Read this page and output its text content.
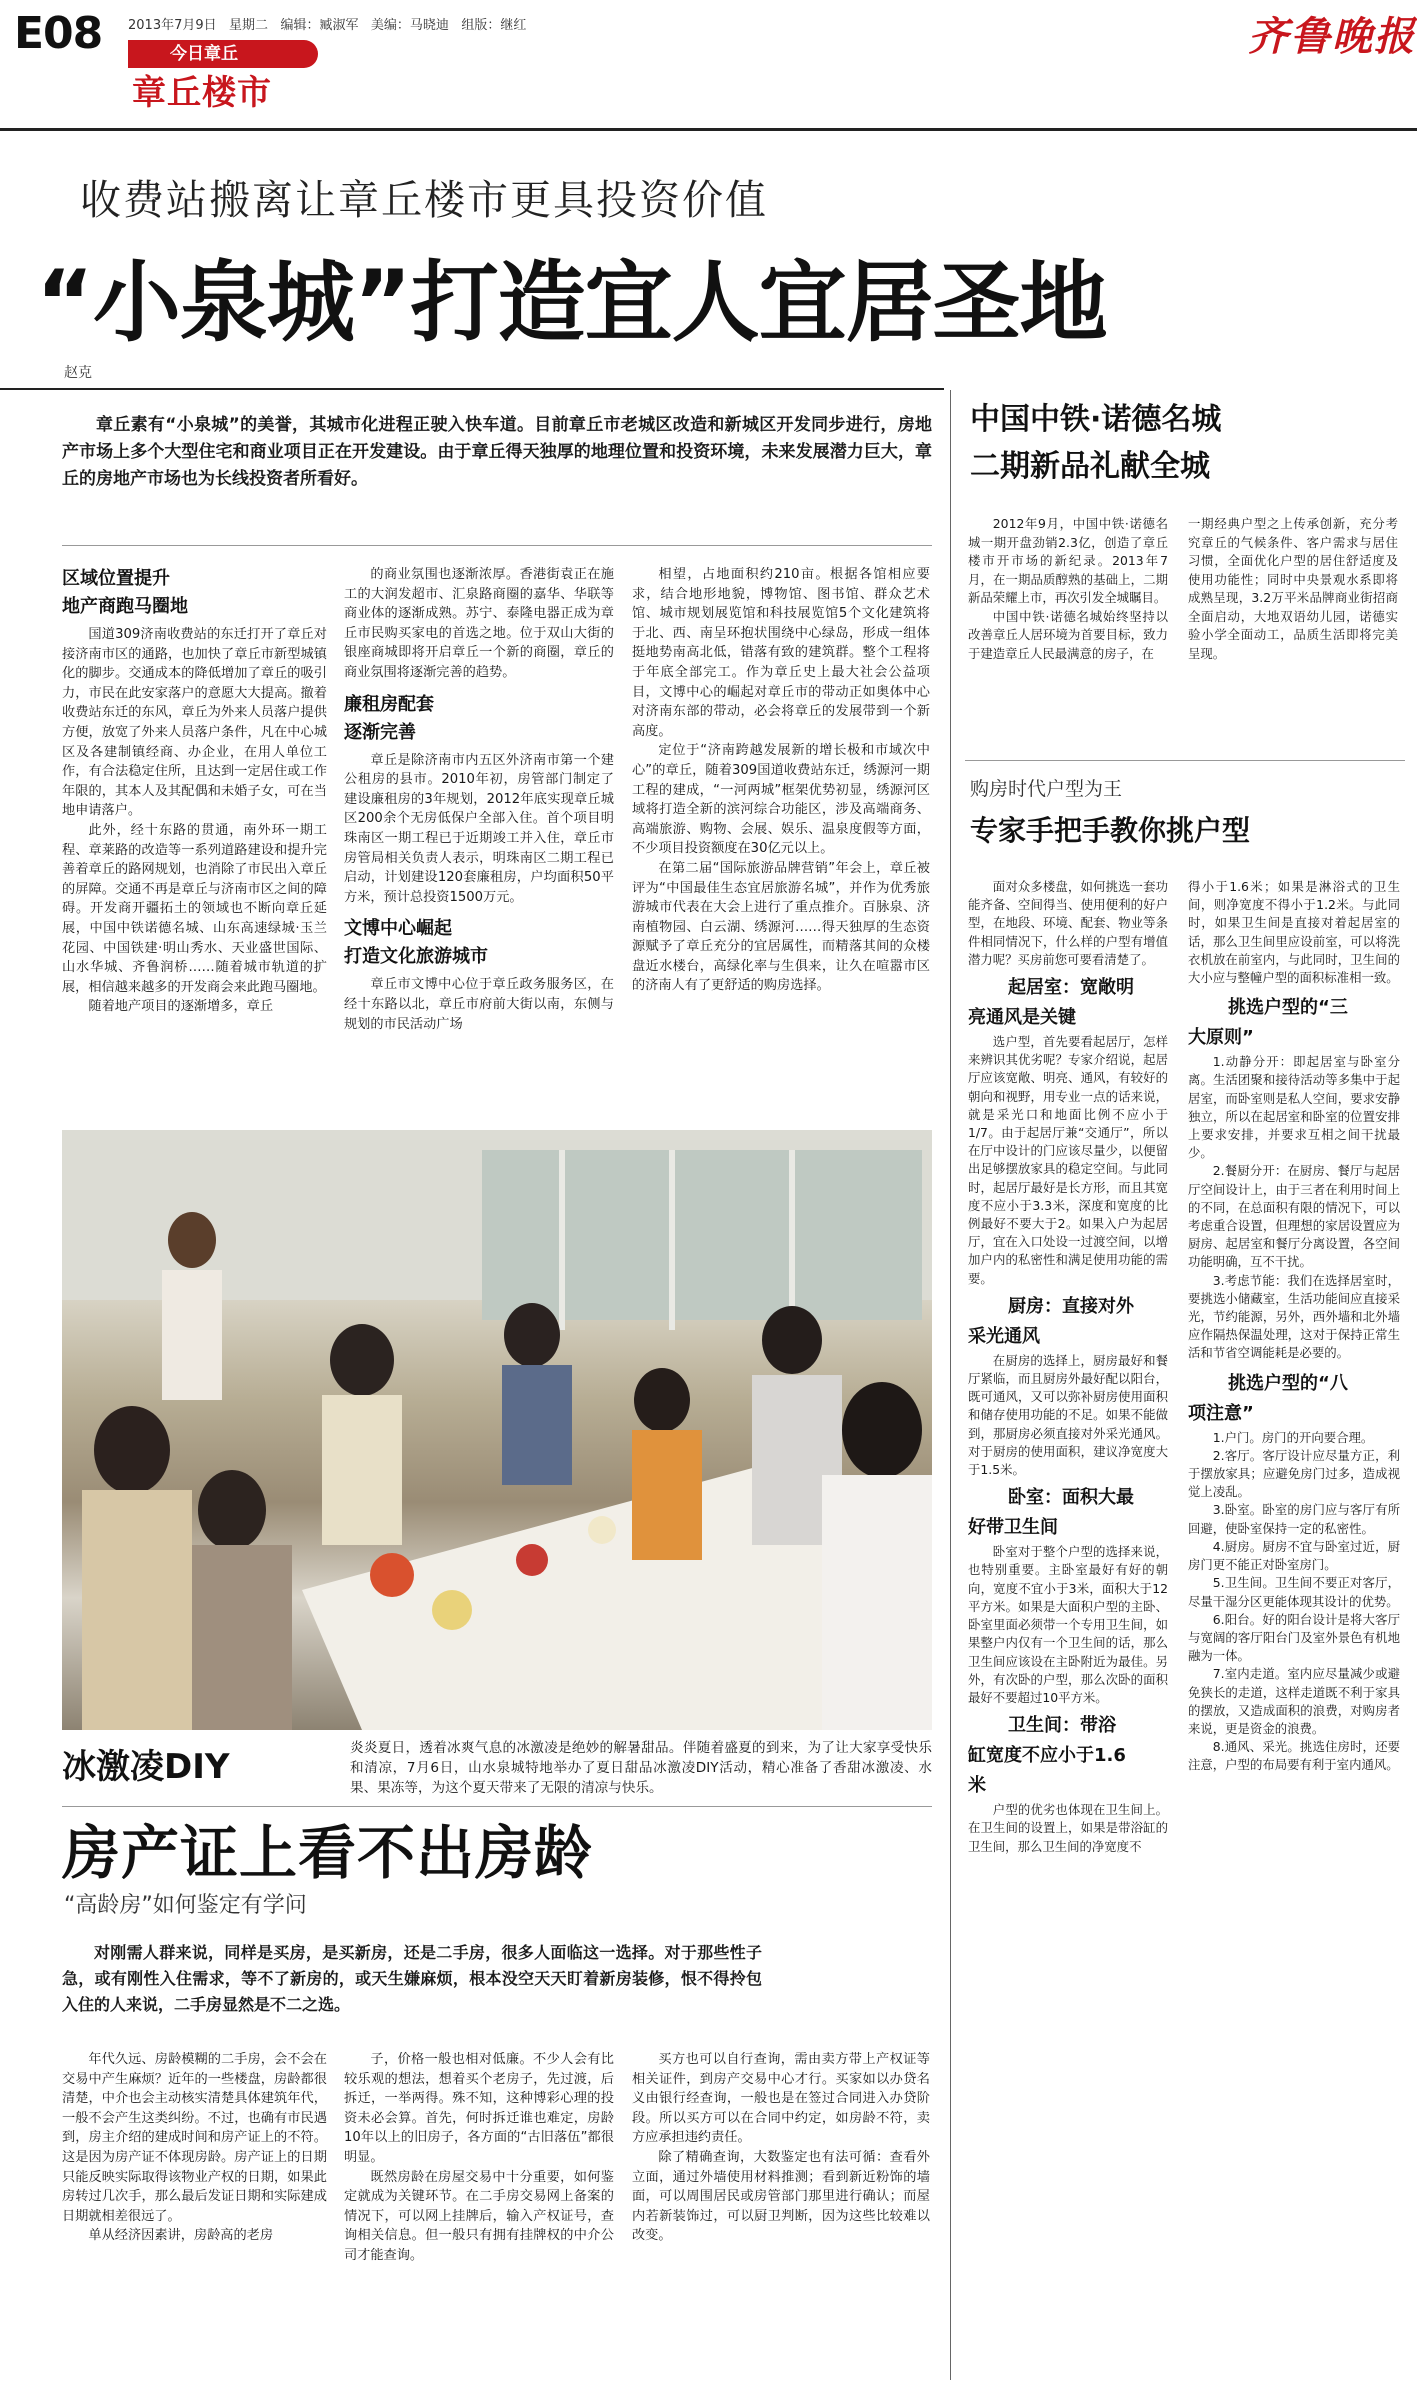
E08 2013年7月9日 星期二 编辑：臧淑军 美编：马晓迪 组版：继红
今日章丘
章丘楼市
齐鲁晚报
收费站搬离让章丘楼市更具投资价值
“小泉城”打造宜人宜居圣地
赵克

章丘素有“小泉城”的美誉，其城市化进程正驶入快车道。目前章丘市老城区改造和新城区开发同步进行，房地产市场上多个大型住宅和商业项目正在开发建设。由于章丘得天独厚的地理位置和投资环境，未来发展潜力巨大，章丘的房地产市场也为长线投资者所看好。

区域位置提升
地产商跑马圈地

国道309济南收费站的东迁打开了章丘对接济南市区的通路，也加快了章丘市新型城镇化的脚步。交通成本的降低增加了章丘的吸引力，市民在此安家落户的意愿大大提高。撤着收费站东迁的东风，章丘为外来人员落户提供方便，放宽了外来人员落户条件，凡在中心城区及各建制镇经商、办企业，在用人单位工作，有合法稳定住所，且达到一定居住或工作年限的，其本人及其配偶和未婚子女，可在当地申请落户。

此外，经十东路的贯通，南外环一期工程、章莱路的改造等一系列道路建设和提升完善着章丘的路网规划，也消除了市民出入章丘的屏障。交通不再是章丘与济南市区之间的障碍。开发商开疆拓土的领域也不断向章丘延展，中国中铁诺德名城、山东高速绿城·玉兰花园、中国铁建·明山秀水、天业盛世国际、山水华城、齐鲁润桥……随着城市轨道的扩展，相信越来越多的开发商会来此跑马圈地。

随着地产项目的逐渐增多，章丘

的商业氛围也逐渐浓厚。香港街袁正在施工的大润发超市、汇泉路商圈的嘉华、华联等商业体的逐渐成熟。苏宁、泰隆电器正成为章丘市民购买家电的首选之地。位于双山大街的银座商城即将开启章丘一个新的商圈，章丘的商业氛围将逐渐完善的趋势。

廉租房配套
逐渐完善

章丘是除济南市内五区外济南市第一个建公租房的县市。2010年初，房管部门制定了建设廉租房的3年规划，2012年底实现章丘城区200余个无房低保户全部入住。首个项目明珠南区一期工程已于近期竣工并入住，章丘市房管局相关负责人表示，明珠南区二期工程已启动，计划建设120套廉租房，户均面积50平方米，预计总投资1500万元。

文博中心崛起
打造文化旅游城市

章丘市文博中心位于章丘政务服务区，在经十东路以北，章丘市府前大街以南，东侧与规划的市民活动广场

相望，占地面积约210亩。根据各馆相应要求，结合地形地貌，博物馆、图书馆、群众艺术馆、城市规划展览馆和科技展览馆5个文化建筑将于北、西、南呈环抱状围绕中心绿岛，形成一组体挺地势南高北低，错落有致的建筑群。整个工程将于年底全部完工。作为章丘史上最大社会公益项目，文博中心的崛起对章丘市的带动正如奥体中心对济南东部的带动，必会将章丘的发展带到一个新高度。

定位于“济南跨越发展新的增长极和市域次中心”的章丘，随着309国道收费站东迁，绣源河一期工程的建成，“一河两城”框架优势初显，绣源河区域将打造全新的滨河综合功能区，涉及高端商务、高端旅游、购物、会展、娱乐、温泉度假等方面，不少项目投资额度在30亿元以上。

在第二届“国际旅游品牌营销”年会上，章丘被评为“中国最佳生态宜居旅游名城”，并作为优秀旅游城市代表在大会上进行了重点推介。百脉泉、济南植物园、白云湖、绣源河……得天独厚的生态资源赋予了章丘充分的宜居属性，而精落其间的众楼盘近水楼台，高绿化率与生俱来，让久在喧嚣市区的济南人有了更舒适的购房选择。

冰激凌DIY	炎炎夏日，透着冰爽气息的冰激凌是绝妙的解暑甜品。伴随着盛夏的到来，为了让大家享受快乐和清凉，7月6日，山水泉城特地举办了夏日甜品冰激凌DIY活动，精心准备了香甜冰激凌、水果、果冻等，为这个夏天带来了无限的清凉与快乐。

房产证上看不出房龄
“高龄房”如何鉴定有学问

对刚需人群来说，同样是买房，是买新房，还是二手房，很多人面临这一选择。对于那些性子急，或有刚性入住需求，等不了新房的，或天生嫌麻烦，根本没空天天盯着新房装修，恨不得拎包入住的人来说，二手房显然是不二之选。

年代久远、房龄模糊的二手房，会不会在交易中产生麻烦？近年的一些楼盘，房龄都很清楚，中介也会主动核实清楚具体建筑年代，一般不会产生这类纠纷。不过，也确有市民遇到，房主介绍的建成时间和房产证上的不符。这是因为房产证不体现房龄。房产证上的日期只能反映实际取得该物业产权的日期，如果此房转过几次手，那么最后发证日期和实际建成日期就相差很远了。

单从经济因素讲，房龄高的老房

子，价格一般也相对低廉。不少人会有比较乐观的想法，想着买个老房子，先过渡，后拆迁，一举两得。殊不知，这种博彩心理的投资未必会算。首先，何时拆迁谁也难定，房龄10年以上的旧房子，各方面的“古旧落伍”都很明显。

既然房龄在房屋交易中十分重要，如何鉴定就成为关键环节。在二手房交易网上备案的情况下，可以网上挂牌后，输入产权证号，查询相关信息。但一般只有拥有挂牌权的中介公司才能查询。

买方也可以自行查询，需由卖方带上产权证等相关证件，到房产交易中心才行。买家如以办贷名义由银行经查询，一般也是在签过合同进入办贷阶段。所以买方可以在合同中约定，如房龄不符，卖方应承担违约责任。

除了精确查询，大数鉴定也有法可循：查看外立面，通过外墙使用材料推测；看到新近粉饰的墙面，可以周围居民或房管部门那里进行确认；而屋内若新装饰过，可以厨卫判断，因为这些比较难以改变。

中国中铁·诺德名城
二期新品礼献全城

2012年9月，中国中铁·诺德名城一期开盘劲销2.3亿，创造了章丘楼市开市场的新纪录。2013年7月，在一期品质醇熟的基础上，二期新品荣耀上市，再次引发全城瞩目。

中国中铁·诺德名城始终坚持以改善章丘人居环境为首要目标，致力于建造章丘人民最满意的房子，在

一期经典户型之上传承创新，充分考究章丘的气候条件、客户需求与居住习惯，全面优化户型的居住舒适度及使用功能性；同时中央景观水系即将成熟呈现，3.2万平米品牌商业街招商全面启动，大地双语幼儿园，诺德实验小学全面动工，品质生活即将完美呈现。

购房时代户型为王
专家手把手教你挑户型

面对众多楼盘，如何挑选一套功能齐备、空间得当、使用便利的好户型，在地段、环境、配套、物业等条件相同情况下，什么样的户型有增值潜力呢？买房前您可要看清楚了。

起居室：宽敞明
亮通风是关键

选户型，首先要看起居厅，怎样来辨识其优劣呢？专家介绍说，起居厅应该宽敞、明亮、通风，有较好的朝向和视野，用专业一点的话来说，就是采光口和地面比例不应小于1/7。由于起居厅兼“交通厅”，所以在厅中设计的门应该尽量少，以便留出足够摆放家具的稳定空间。与此同时，起居厅最好是长方形，而且其宽度不应小于3.3米，深度和宽度的比例最好不要大于2。如果入户为起居厅，宜在入口处设一过渡空间，以增加户内的私密性和满足使用功能的需要。

厨房：直接对外
采光通风

在厨房的选择上，厨房最好和餐厅紧临，而且厨房外最好配以阳台，既可通风，又可以弥补厨房使用面积和储存使用功能的不足。如果不能做到，那厨房必须直接对外采光通风。对于厨房的使用面积，建议净宽度大于1.5米。

卧室：面积大最
好带卫生间

卧室对于整个户型的选择来说，也特别重要。主卧室最好有好的朝向，宽度不宜小于3米，面积大于12平方米。如果是大面积户型的主卧、卧室里面必须带一个专用卫生间，如果整户内仅有一个卫生间的话，那么卫生间应该设在主卧附近为最佳。另外，有次卧的户型，那么次卧的面积最好不要超过10平方米。

卫生间：带浴
缸宽度不应小于1.6
米

户型的优劣也体现在卫生间上。在卫生间的设置上，如果是带浴缸的卫生间，那么卫生间的净宽度不

得小于1.6米；如果是淋浴式的卫生间，则净宽度不得小于1.2米。与此同时，如果卫生间是直接对着起居室的话，那么卫生间里应设前室，可以将洗衣机放在前室内，与此同时，卫生间的大小应与整幢户型的面积标准相一致。

挑选户型的“三
大原则”

1.动静分开：即起居室与卧室分离。生活团聚和接待活动等多集中于起居室，而卧室则是私人空间，要求安静独立，所以在起居室和卧室的位置安排上要求安排，并要求互相之间干扰最少。

2.餐厨分开：在厨房、餐厅与起居厅空间设计上，由于三者在利用时间上的不同，在总面积有限的情况下，可以考虑重合设置，但理想的家居设置应为厨房、起居室和餐厅分离设置，各空间功能明确，互不干扰。

3.考虑节能：我们在选择居室时，要挑选小储藏室，生活功能间应直接采光，节约能源，另外，西外墙和北外墙应作隔热保温处理，这对于保持正常生活和节省空调能耗是必要的。

挑选户型的“八
项注意”

1.户门。房门的开向要合理。

2.客厅。客厅设计应尽量方正，利于摆放家具；应避免房门过多，造成视觉上凌乱。

3.卧室。卧室的房门应与客厅有所回避，使卧室保持一定的私密性。

4.厨房。厨房不宜与卧室过近，厨房门更不能正对卧室房门。

5.卫生间。卫生间不要正对客厅，尽量干湿分区更能体现其设计的优势。

6.阳台。好的阳台设计是将大客厅与宽阔的客厅阳台门及室外景色有机地融为一体。

7.室内走道。室内应尽量减少或避免狭长的走道，这样走道既不利于家具的摆放，又造成面积的浪费，对购房者来说，更是资金的浪费。

8.通风、采光。挑选住房时，还要注意，户型的布局要有利于室内通风。
